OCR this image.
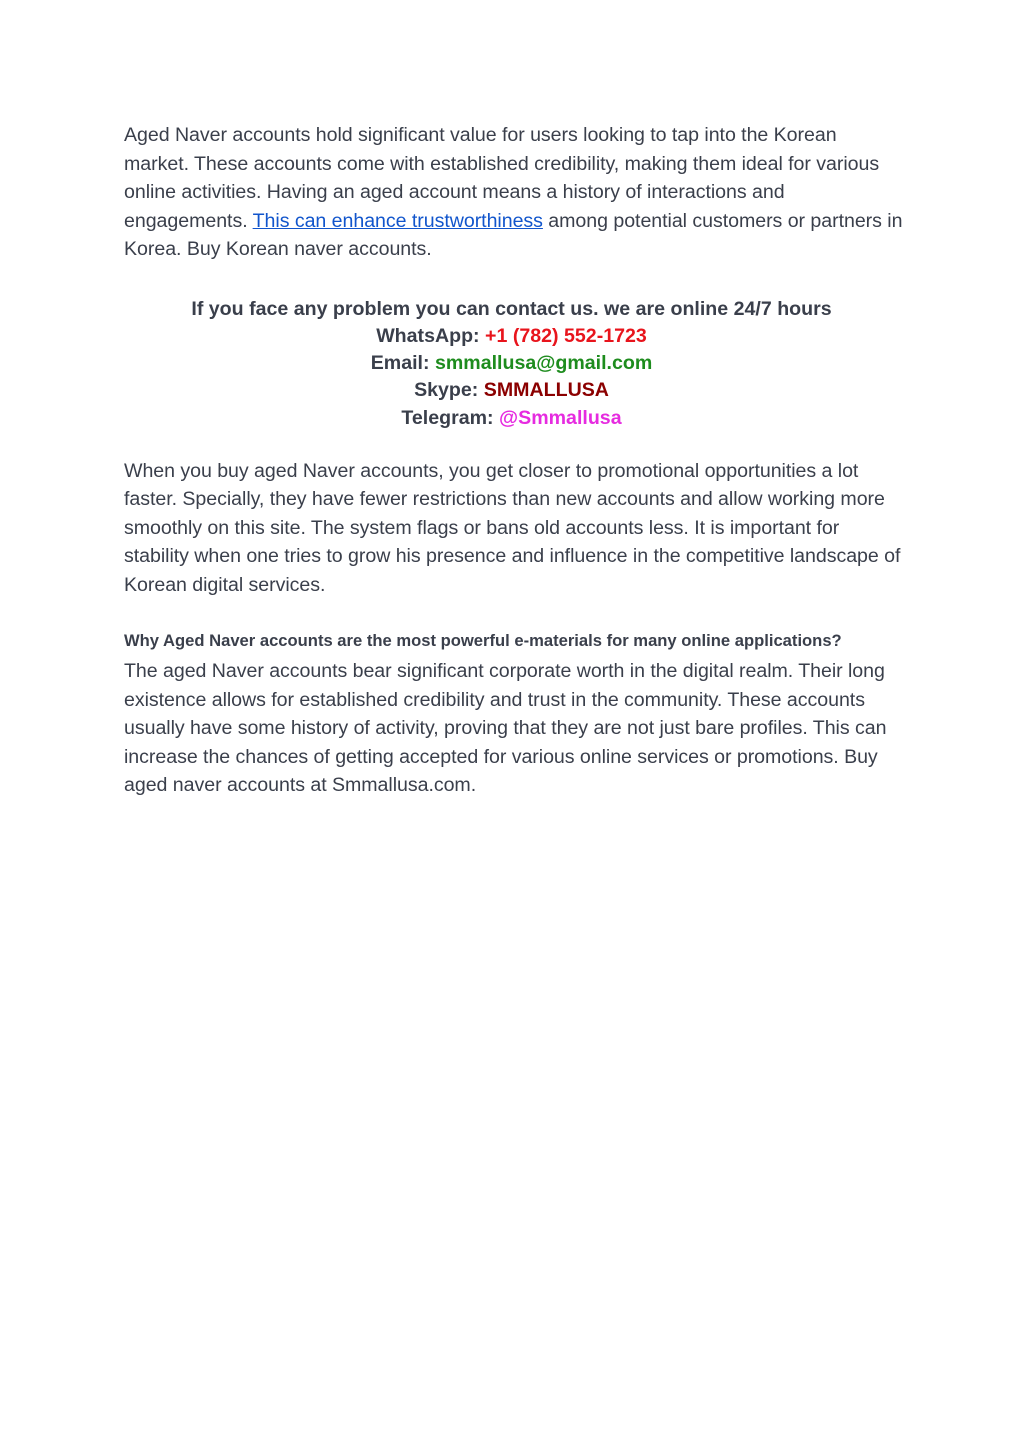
Aged Naver accounts hold significant value for users looking to tap into the Korean market. These accounts come with established credibility, making them ideal for various online activities. Having an aged account means a history of interactions and engagements. This can enhance trustworthiness among potential customers or partners in Korea. Buy Korean naver accounts.

If you face any problem you can contact us. we are online 24/7 hours
WhatsApp: +1 (782) 552-1723
Email: smmallusa@gmail.com
Skype: SMMALLUSA
Telegram: @Smmallusa

When you buy aged Naver accounts, you get closer to promotional opportunities a lot faster. Specially, they have fewer restrictions than new accounts and allow working more smoothly on this site. The system flags or bans old accounts less. It is important for stability when one tries to grow his presence and influence in the competitive landscape of Korean digital services.

Why Aged Naver accounts are the most powerful e-materials for many online applications?

The aged Naver accounts bear significant corporate worth in the digital realm. Their long existence allows for established credibility and trust in the community. These accounts usually have some history of activity, proving that they are not just bare profiles. This can increase the chances of getting accepted for various online services or promotions. Buy aged naver accounts at Smmallusa.com.
